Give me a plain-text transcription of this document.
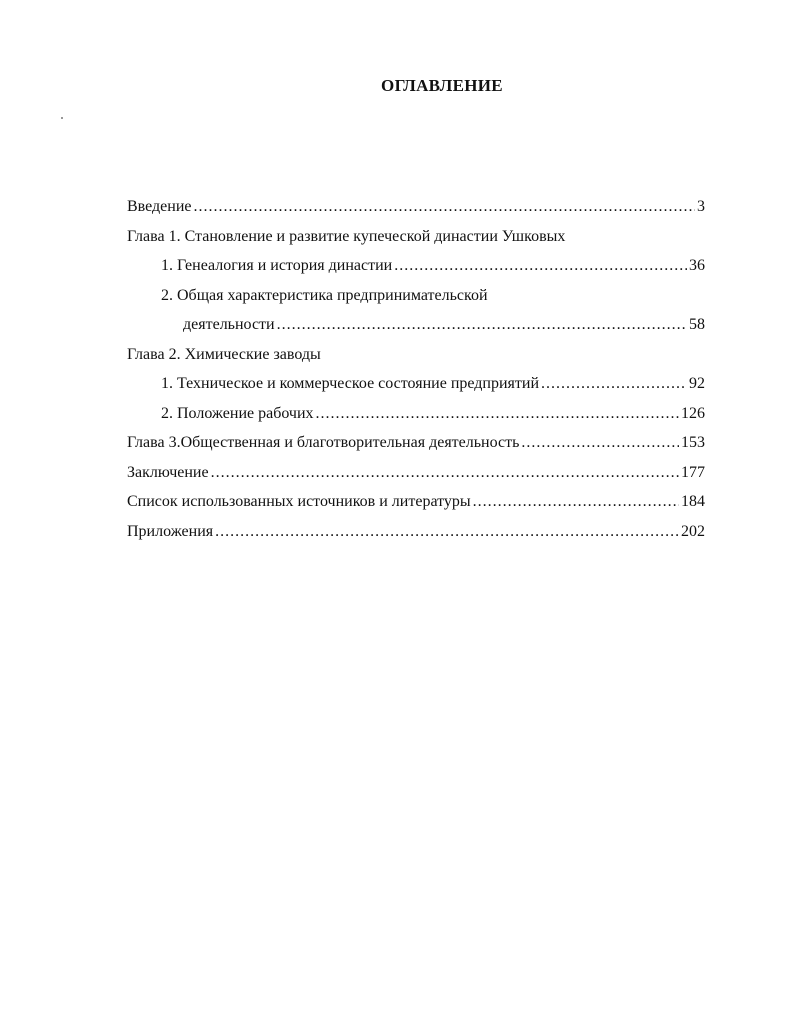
ОГЛАВЛЕНИЕ
Введение .....	3
Глава 1. Становление и развитие купеческой династии Ушковых
1. Генеалогия и история династии .....	36
2. Общая характеристика предпринимательской
деятельности .....	58
Глава 2. Химические заводы
1. Техническое и коммерческое состояние предприятий .....	92
2. Положение рабочих .....	126
Глава 3.Общественная и благотворительная деятельность .....	153
Заключение .....	177
Список использованных источников и литературы .....	184
Приложения .....	202
